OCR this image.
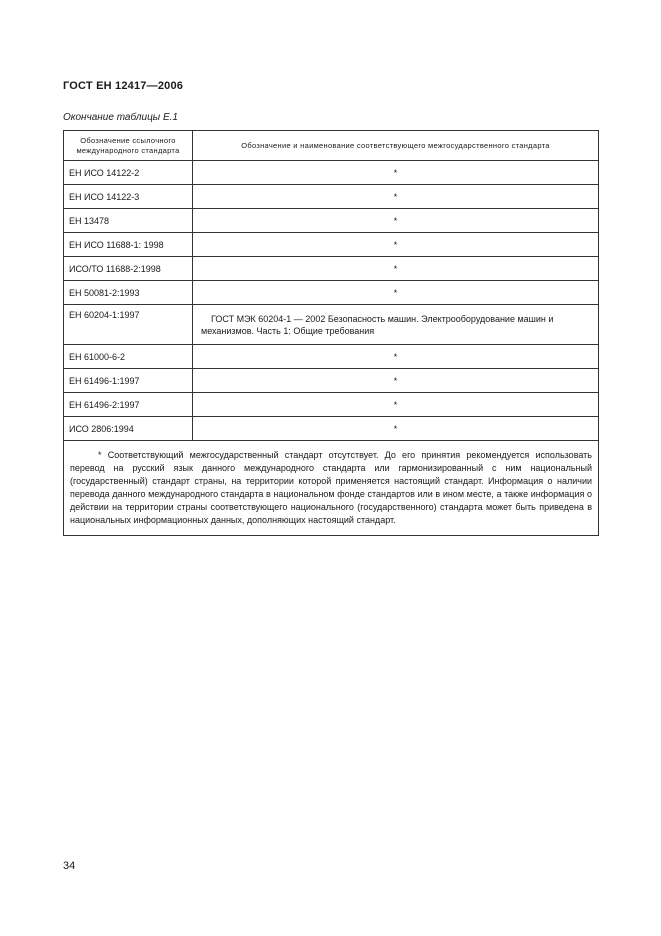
ГОСТ ЕН 12417—2006
Окончание таблицы Е.1
Обозначение ссылочного международного стандарта	Обозначение и наименование соответствующего межгосударственного стандарта
ЕН ИСО 14122-2	*
ЕН ИСО 14122-3	*
ЕН 13478	*
ЕН ИСО 11688-1: 1998	*
ИСО/ТО 11688-2:1998	*
ЕН 50081-2:1993	*
ЕН 60204-1:1997	ГОСТ МЭК 60204-1 — 2002 Безопасность машин. Электрооборудование машин и механизмов. Часть 1: Общие требования
ЕН 61000-6-2	*
ЕН 61496-1:1997	*
ЕН 61496-2:1997	*
ИСО 2806:1994	*
* Соответствующий межгосударственный стандарт отсутствует. До его принятия рекомендуется использовать перевод на русский язык данного международного стандарта или гармонизированный с ним национальный (государственный) стандарт страны, на территории которой применяется настоящий стандарт. Информация о наличии перевода данного международного стандарта в национальном фонде стандартов или в ином месте, а также информация о действии на территории страны соответствующего национального (государственного) стандарта может быть приведена в национальных информационных данных, дополняющих настоящий стандарт.	
34
